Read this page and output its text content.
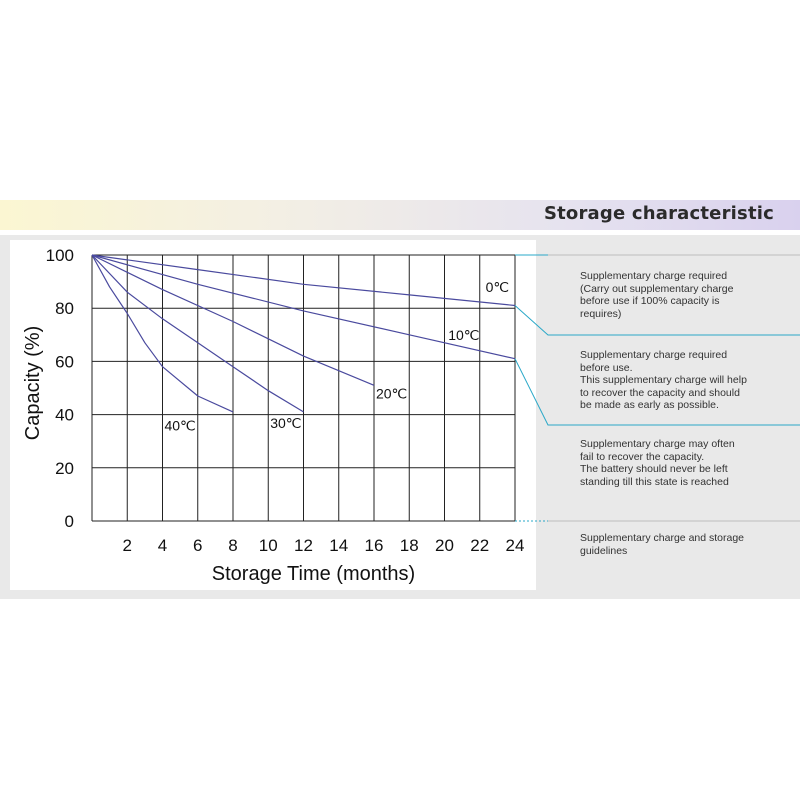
Storage characteristic
2 4 6 8 10 12 14 16 18 20 22 24
0
20
40
60
80
100
Storage Time (months)
Capacity (%)
0℃
10℃
20℃
30℃
40℃
Supplementary charge required
(Carry out supplementary charge
before use if 100% capacity is
requires)
Supplementary charge required
before use.
This supplementary charge will help
to recover the capacity and should
be made as early as possible.
Supplementary charge may often
fail to recover the capacity.
The battery should never be left
standing till this state is reached
Supplementary charge and storage
guidelines
